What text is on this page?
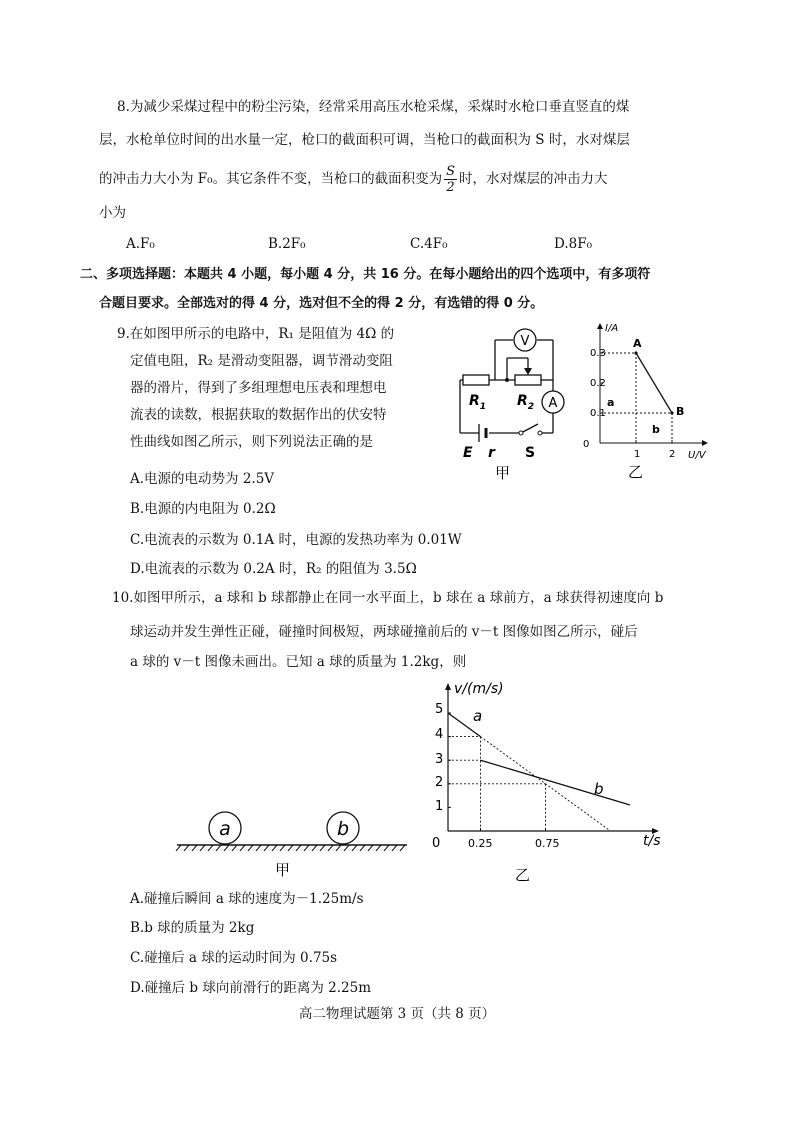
8.为减少采煤过程中的粉尘污染，经常采用高压水枪采煤，采煤时水枪口垂直竖直的煤
层，水枪单位时间的出水量一定，枪口的截面积可调，当枪口的截面积为 S 时，水对煤层
的冲击力大小为 F₀。其它条件不变，当枪口的截面积变为 $\frac{S}{2}$ 时，水对煤层的冲击力大
小为
A.F₀	B.2F₀	C.4F₀	D.8F₀
二、多项选择题：本题共 4 小题，每小题 4 分，共 16 分。在每小题给出的四个选项中，有多项符
合题目要求。全部选对的得 4 分，选对但不全的得 2 分，有选错的得 0 分。
9.在如图甲所示的电路中，R₁ 是阻值为 4Ω 的
定值电阻，R₂ 是滑动变阻器，调节滑动变阻
器的滑片，得到了多组理想电压表和理想电
流表的读数，根据获取的数据作出的伏安特
性曲线如图乙所示，则下列说法正确的是
A.电源的电动势为 2.5V
B.电源的内电阻为 0.2Ω
C.电流表的示数为 0.1A 时，电源的发热功率为 0.01W
D.电流表的示数为 0.2A 时，R₂ 的阻值为 3.5Ω
V
A
$R_1$ $R_2$
E r S
甲
I/A
U/V
0
0.3
0.2
0.1
1	2
A
B
a
b
乙
10.如图甲所示，a 球和 b 球都静止在同一水平面上，b 球在 a 球前方，a 球获得初速度向 b
球运动并发生弹性正碰，碰撞时间极短，两球碰撞前后的 v－t 图像如图乙所示，碰后
a 球的 v－t 图像未画出。已知 a 球的质量为 1.2kg，则
a	b
甲
v/(m/s)
t/s
0
5
4
3
2
1
0.25	0.75
a
b
乙
A.碰撞后瞬间 a 球的速度为－1.25m/s
B.b 球的质量为 2kg
C.碰撞后 a 球的运动时间为 0.75s
D.碰撞后 b 球向前滑行的距离为 2.25m
高二物理试题第 3 页（共 8 页）
